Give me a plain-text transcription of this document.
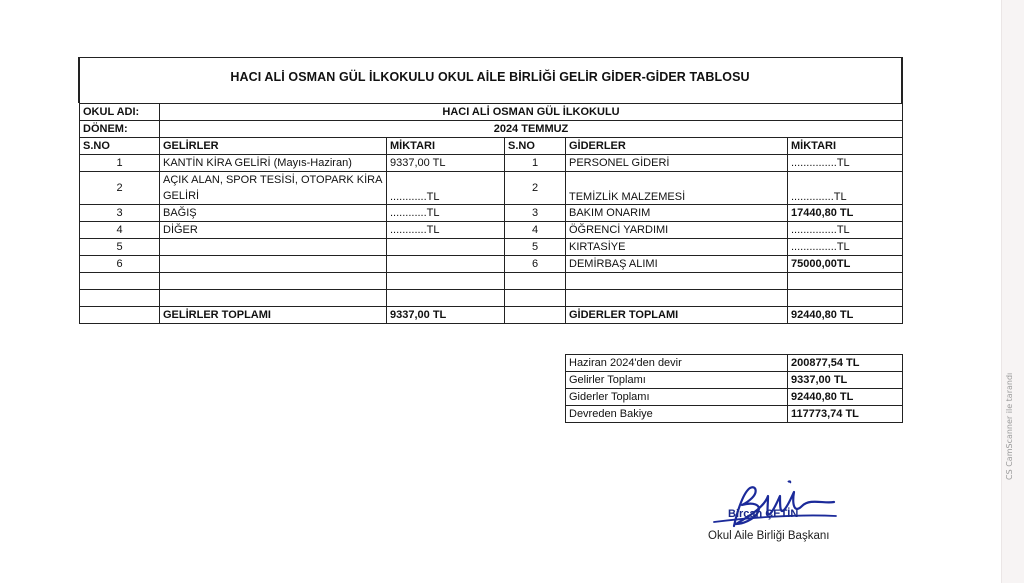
CS CamScanner ile tarandı
HACI ALİ OSMAN GÜL İLKOKULU OKUL AİLE BİRLİĞİ GELİR GİDER-GİDER TABLOSU
OKUL ADI:	HACI ALİ OSMAN GÜL İLKOKULU				
DÖNEM:	2024 TEMMUZ				
S.NO	GELİRLER	MİKTARI	S.NO	GİDERLER	MİKTARI
1	KANTİN KİRA GELİRİ (Mayıs-Haziran)	9337,00 TL	1	PERSONEL GİDERİ	...............TL
2	AÇIK ALAN, SPOR TESİSİ, OTOPARK KİRA GELİRİ	............TL	2	TEMİZLİK MALZEMESİ	..............TL
3	BAĞIŞ	............TL	3	BAKIM ONARIM	17440,80 TL
4	DİĞER	............TL	4	ÖĞRENCİ YARDIMI	...............TL
5			5	KIRTASİYE	...............TL
6			6	DEMİRBAŞ ALIMI	75000,00TL

	GELİRLER TOPLAMI	9337,00 TL		GİDERLER TOPLAMI	92440,80 TL
Haziran 2024'den devir	200877,54 TL
Gelirler Toplamı	9337,00 TL
Giderler Toplamı	92440,80 TL
Devreden Bakiye	117773,74 TL
Bircan ÇETİN
Okul Aile Birliği Başkanı
